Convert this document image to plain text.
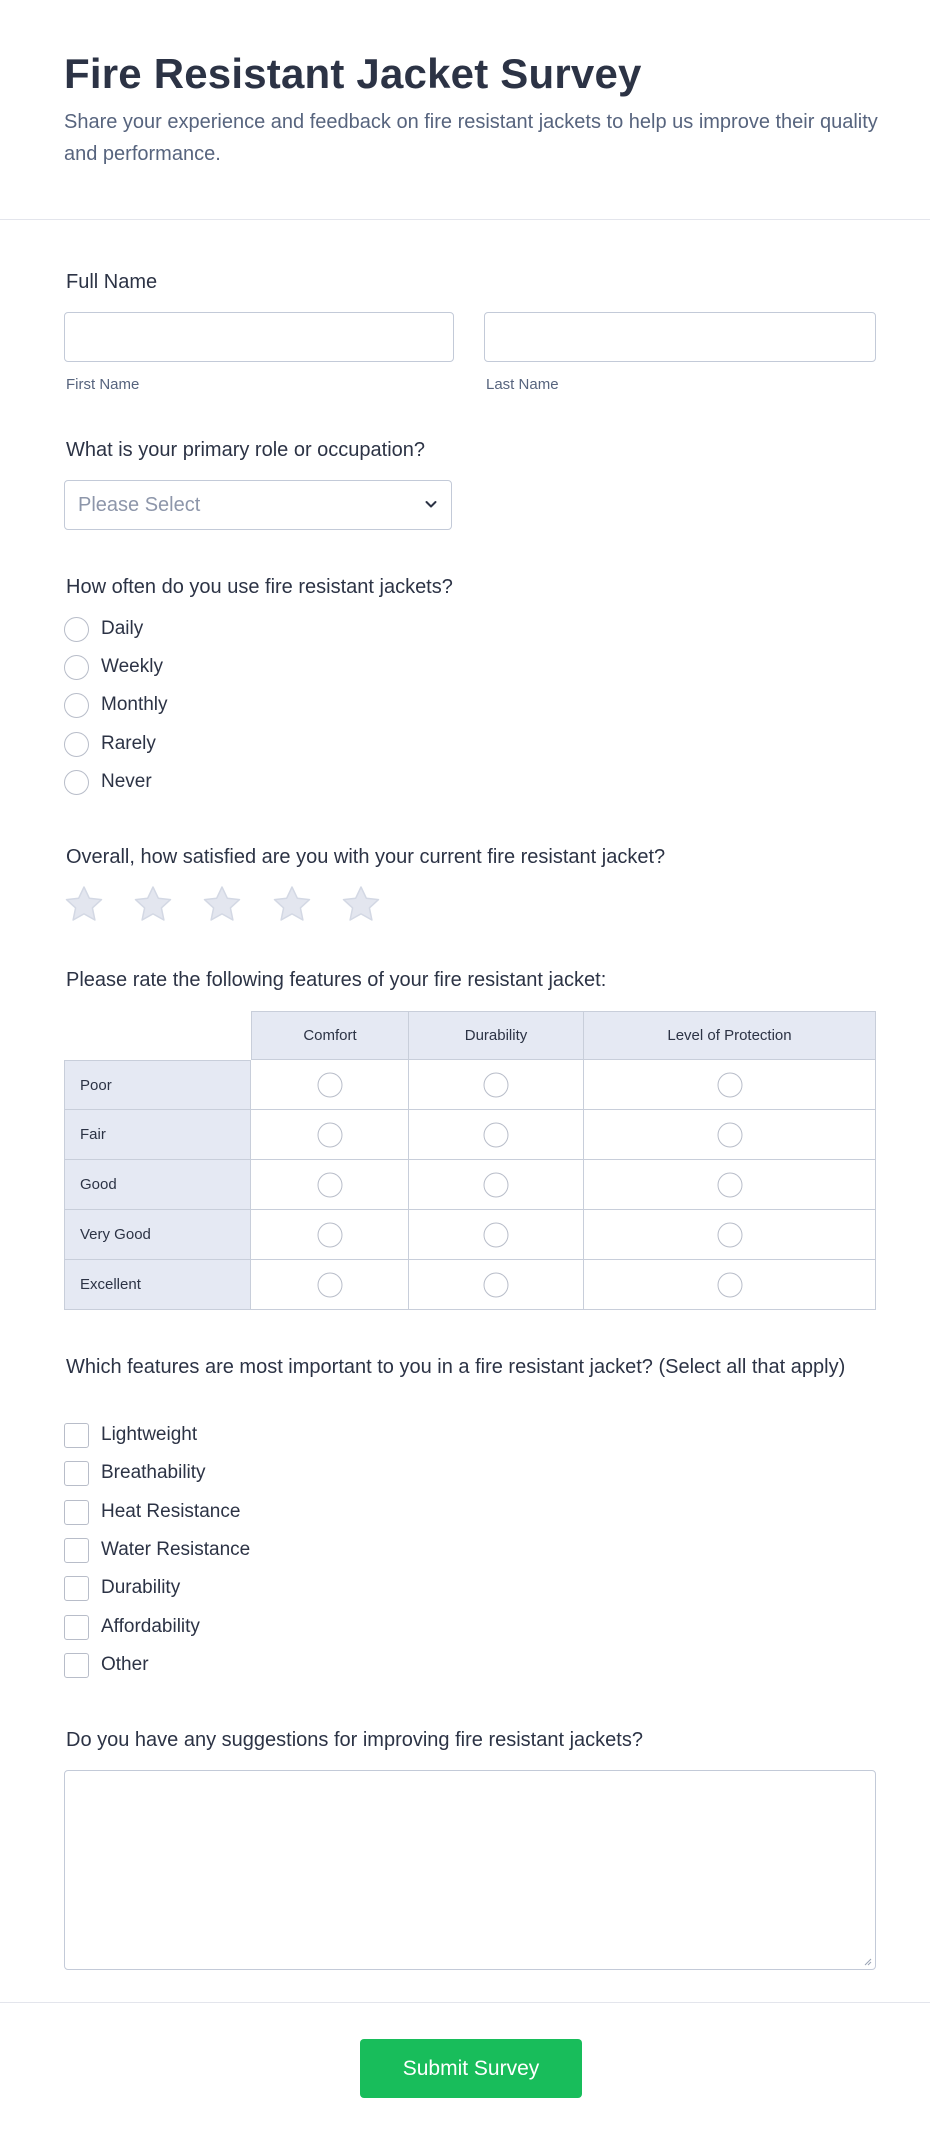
Fire Resistant Jacket Survey

Share your experience and feedback on fire resistant jackets to help us improve their quality and performance.

Full Name
First Name	Last Name
What is your primary role or occupation?
Please Select
How often do you use fire resistant jackets?
Daily
Weekly
Monthly
Rarely
Never
Overall, how satisfied are you with your current fire resistant jacket?
Please rate the following features of your fire resistant jacket:
Comfort	Durability	Level of Protection
Poor
Fair
Good
Very Good
Excellent
Which features are most important to you in a fire resistant jacket? (Select all that apply)
Lightweight
Breathability
Heat Resistance
Water Resistance
Durability
Affordability
Other
Do you have any suggestions for improving fire resistant jackets?
Submit Survey
